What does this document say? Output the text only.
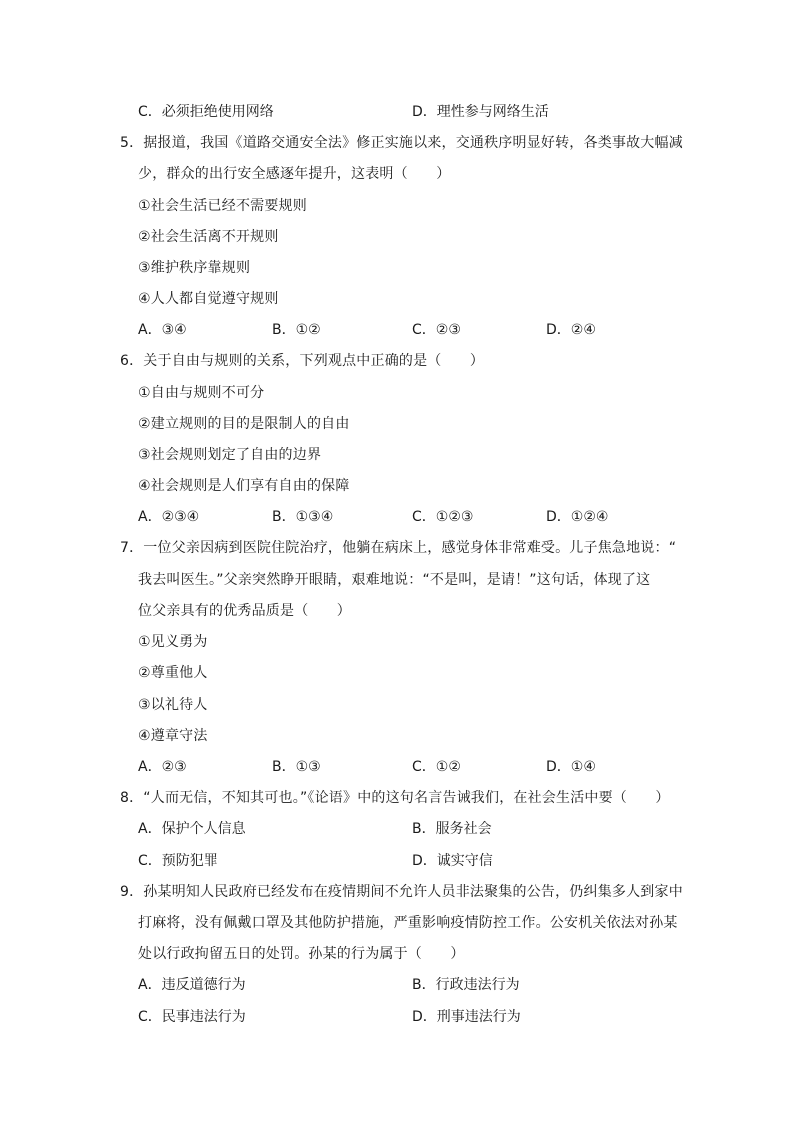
C．必须拒绝使用网络	D．理性参与网络生活
5．据报道，我国《道路交通安全法》修正实施以来，交通秩序明显好转，各类事故大幅减
少，群众的出行安全感逐年提升，这表明（　　）
①社会生活已经不需要规则
②社会生活离不开规则
③维护秩序靠规则
④人人都自觉遵守规则
A．③④	B．①②	C．②③	D．②④
6．关于自由与规则的关系，下列观点中正确的是（　　）
①自由与规则不可分
②建立规则的目的是限制人的自由
③社会规则划定了自由的边界
④社会规则是人们享有自由的保障
A．②③④	B．①③④	C．①②③	D．①②④
7．一位父亲因病到医院住院治疗，他躺在病床上，感觉身体非常难受。儿子焦急地说：“
我去叫医生。”父亲突然睁开眼睛，艰难地说：“不是叫，是请！”这句话，体现了这
位父亲具有的优秀品质是（　　）
①见义勇为
②尊重他人
③以礼待人
④遵章守法
A．②③	B．①③	C．①②	D．①④
8．“人而无信，不知其可也。”《论语》中的这句名言告诫我们，在社会生活中要（　　）
A．保护个人信息	B．服务社会
C．预防犯罪	D．诚实守信
9．孙某明知人民政府已经发布在疫情期间不允许人员非法聚集的公告，仍纠集多人到家中
打麻将，没有佩戴口罩及其他防护措施，严重影响疫情防控工作。公安机关依法对孙某
处以行政拘留五日的处罚。孙某的行为属于（　　）
A．违反道德行为	B．行政违法行为
C．民事违法行为	D．刑事违法行为
